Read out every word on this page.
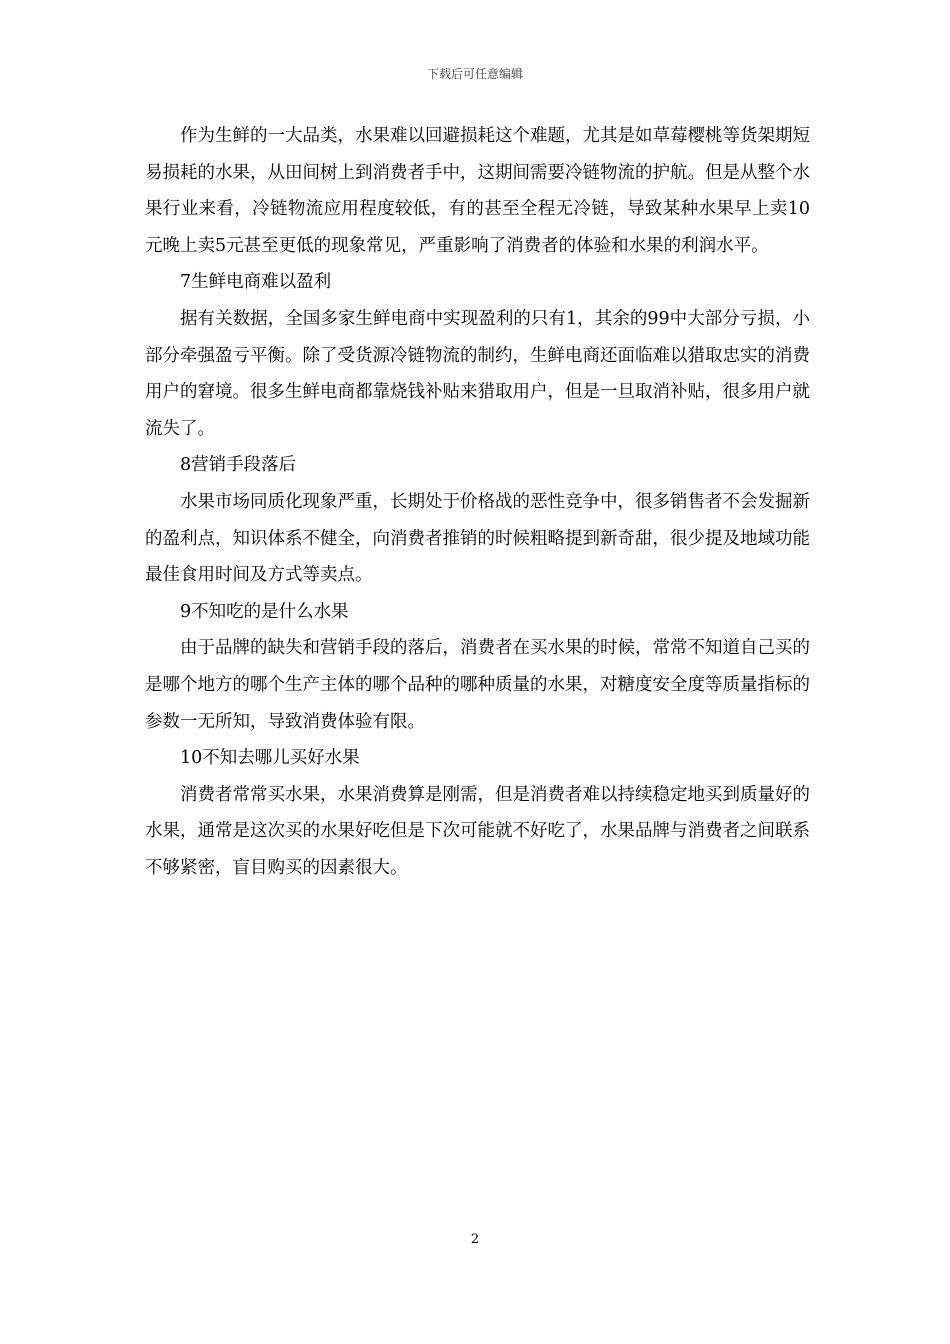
下载后可任意编辑

作为生鲜的一大品类，水果难以回避损耗这个难题，尤其是如草莓樱桃等货架期短易损耗的水果，从田间树上到消费者手中，这期间需要冷链物流的护航。但是从整个水果行业来看，冷链物流应用程度较低，有的甚至全程无冷链，导致某种水果早上卖10元晚上卖5元甚至更低的现象常见，严重影响了消费者的体验和水果的利润水平。

7生鲜电商难以盈利

据有关数据，全国多家生鲜电商中实现盈利的只有1，其余的99中大部分亏损，小部分牵强盈亏平衡。除了受货源冷链物流的制约，生鲜电商还面临难以猎取忠实的消费用户的窘境。很多生鲜电商都靠烧钱补贴来猎取用户，但是一旦取消补贴，很多用户就流失了。

8营销手段落后

水果市场同质化现象严重，长期处于价格战的恶性竞争中，很多销售者不会发掘新的盈利点，知识体系不健全，向消费者推销的时候粗略提到新奇甜，很少提及地域功能最佳食用时间及方式等卖点。

9不知吃的是什么水果

由于品牌的缺失和营销手段的落后，消费者在买水果的时候，常常不知道自己买的是哪个地方的哪个生产主体的哪个品种的哪种质量的水果，对糖度安全度等质量指标的参数一无所知，导致消费体验有限。

10不知去哪儿买好水果

消费者常常买水果，水果消费算是刚需，但是消费者难以持续稳定地买到质量好的水果，通常是这次买的水果好吃但是下次可能就不好吃了，水果品牌与消费者之间联系不够紧密，盲目购买的因素很大。

2
